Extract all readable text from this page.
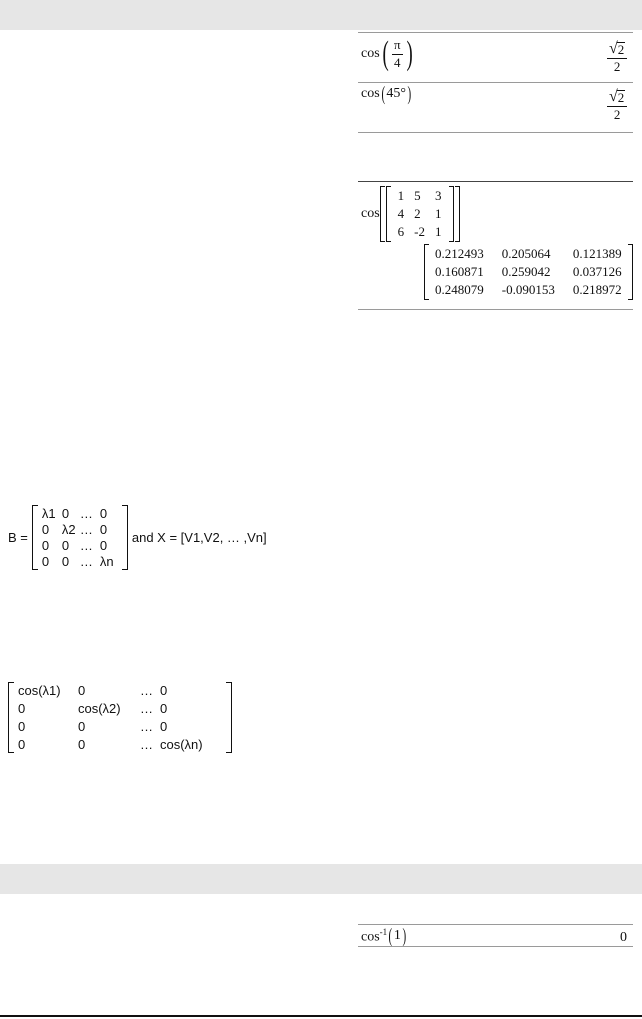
cos ( $\frac{\pi}{4}$ )	$\frac{√ 2}{2}$
cos ( 45° )	$\frac{√ 2}{2}$
cos
1 5	3
4 2	1
6 -2 1
0.212493 0.205064	0.121389
0.160871 0.259042	0.037126
0.248079 -0.090153 0.218972
B =
λ1 0 … 0
0 λ2 … 0
0 0 … 0
0 0 … λn
and X = [V1,V2, … ,Vn]
cos(λ1)	0	… 0
0	cos(λ2)	… 0
0	0	… 0
0	0	… cos(λn)
$\cos^{-1}$ ( 1 )	0
